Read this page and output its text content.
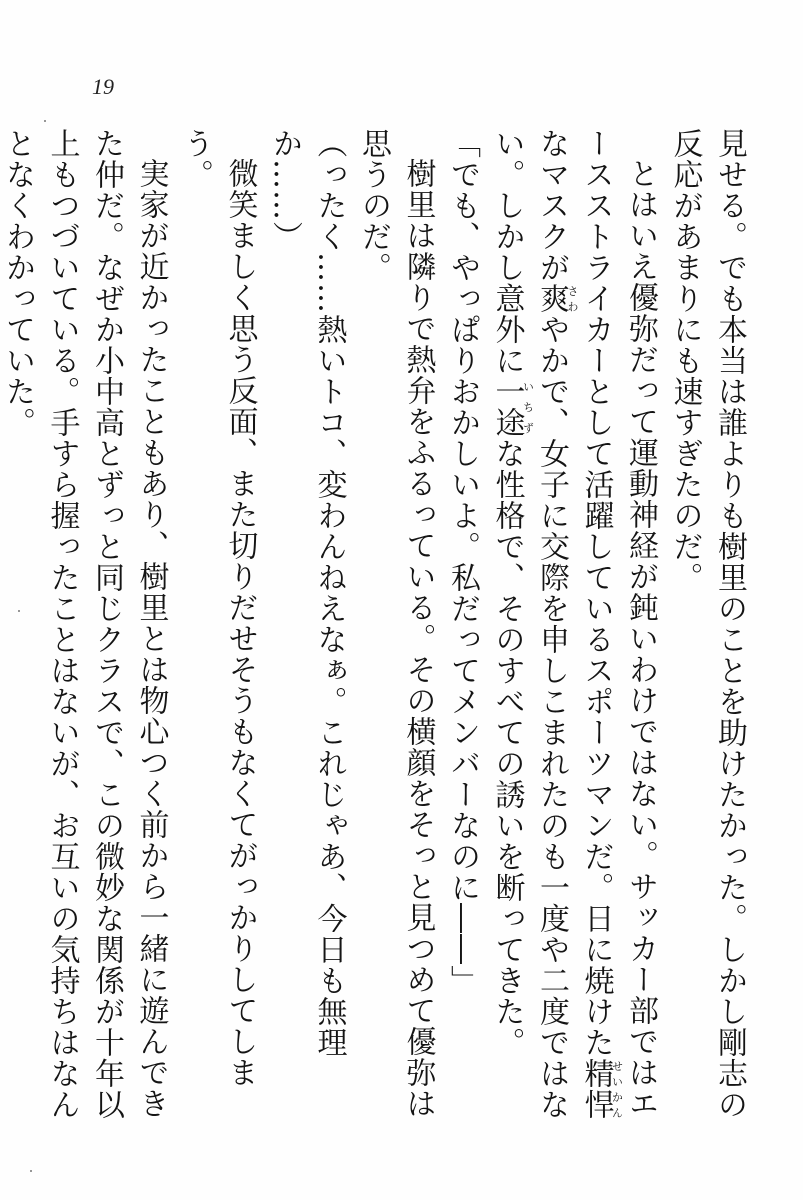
19

見せる。でも本当は誰よりも樹里のことを助けたかった。しかし剛志の反応があまりにも速すぎたのだ。

とはいえ優弥だって運動神経が鈍いわけではない。サッカー部ではエースストライカーとして活躍しているスポーツマンだ。日に焼けた精悍せいかんなマスクが爽さわやかで、女子に交際を申しこまれたのも一度や二度ではない。しかし意外に一途いちずな性格で、そのすべての誘いを断ってきた。

「でも、やっぱりおかしいよ。私だってメンバーなのに――」

樹里は隣りで熱弁をふるっている。その横顔をそっと見つめて優弥は思うのだ。

（ったく……熱いトコ、変わんねえなぁ。これじゃあ、今日も無理か……）

微笑ましく思う反面、また切りだせそうもなくてがっかりしてしまう。

実家が近かったこともあり、樹里とは物心つく前から一緒に遊んできた仲だ。なぜか小中高とずっと同じクラスで、この微妙な関係が十年以上もつづいている。手すら握ったことはないが、お互いの気持ちはなんとなくわかっていた。
